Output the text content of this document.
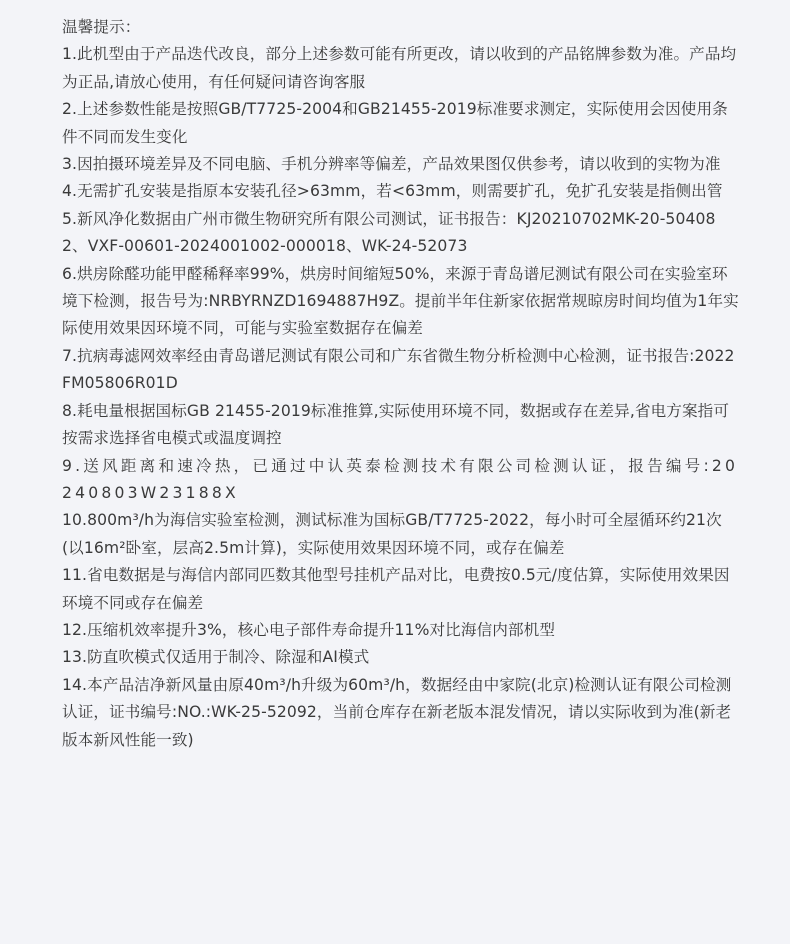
温馨提示：

1.此机型由于产品迭代改良，部分上述参数可能有所更改，请以收到的产品铭牌参数为准。产品均为正品,请放心使用，有任何疑问请咨询客服

2.上述参数性能是按照GB/T7725-2004和GB21455-2019标准要求测定，实际使用会因使用条件不同而发生变化

3.因拍摄环境差异及不同电脑、手机分辨率等偏差，产品效果图仅供参考，请以收到的实物为准

4.无需扩孔安装是指原本安装孔径>63mm，若<63mm，则需要扩孔，免扩孔安装是指侧出管

5.新风净化数据由广州市微生物研究所有限公司测试，证书报告：KJ20210702MK-20-504082、VXF-00601-2024001002-000018、WK-24-52073

6.烘房除醛功能甲醛稀释率99%，烘房时间缩短50%，来源于青岛谱尼测试有限公司在实验室环境下检测，报告号为:NRBYRNZD1694887H9Z。提前半年住新家依据常规晾房时间均值为1年实际使用效果因环境不同，可能与实验室数据存在偏差

7.抗病毒滤网效率经由青岛谱尼测试有限公司和广东省微生物分析检测中心检测，证书报告:2022FM05806R01D

8.耗电量根据国标GB 21455-2019标准推算,实际使用环境不同，数据或存在差异,省电方案指可按需求选择省电模式或温度调控

9.送风距离和速冷热，已通过中认英泰检测技术有限公司检测认证，报告编号:20240803W23188X

10.800m³/h为海信实验室检测，测试标准为国标GB/T7725-2022，每小时可全屋循环约21次(以16m²卧室，层高2.5m计算)，实际使用效果因环境不同，或存在偏差

11.省电数据是与海信内部同匹数其他型号挂机产品对比，电费按0.5元/度估算，实际使用效果因环境不同或存在偏差

12.压缩机效率提升3%，核心电子部件寿命提升11%对比海信内部机型

13.防直吹模式仅适用于制冷、除湿和AI模式

14.本产品洁净新风量由原40m³/h升级为60m³/h，数据经由中家院(北京)检测认证有限公司检测认证，证书编号:NO.:WK-25-52092，当前仓库存在新老版本混发情况，请以实际收到为准(新老版本新风性能一致)
